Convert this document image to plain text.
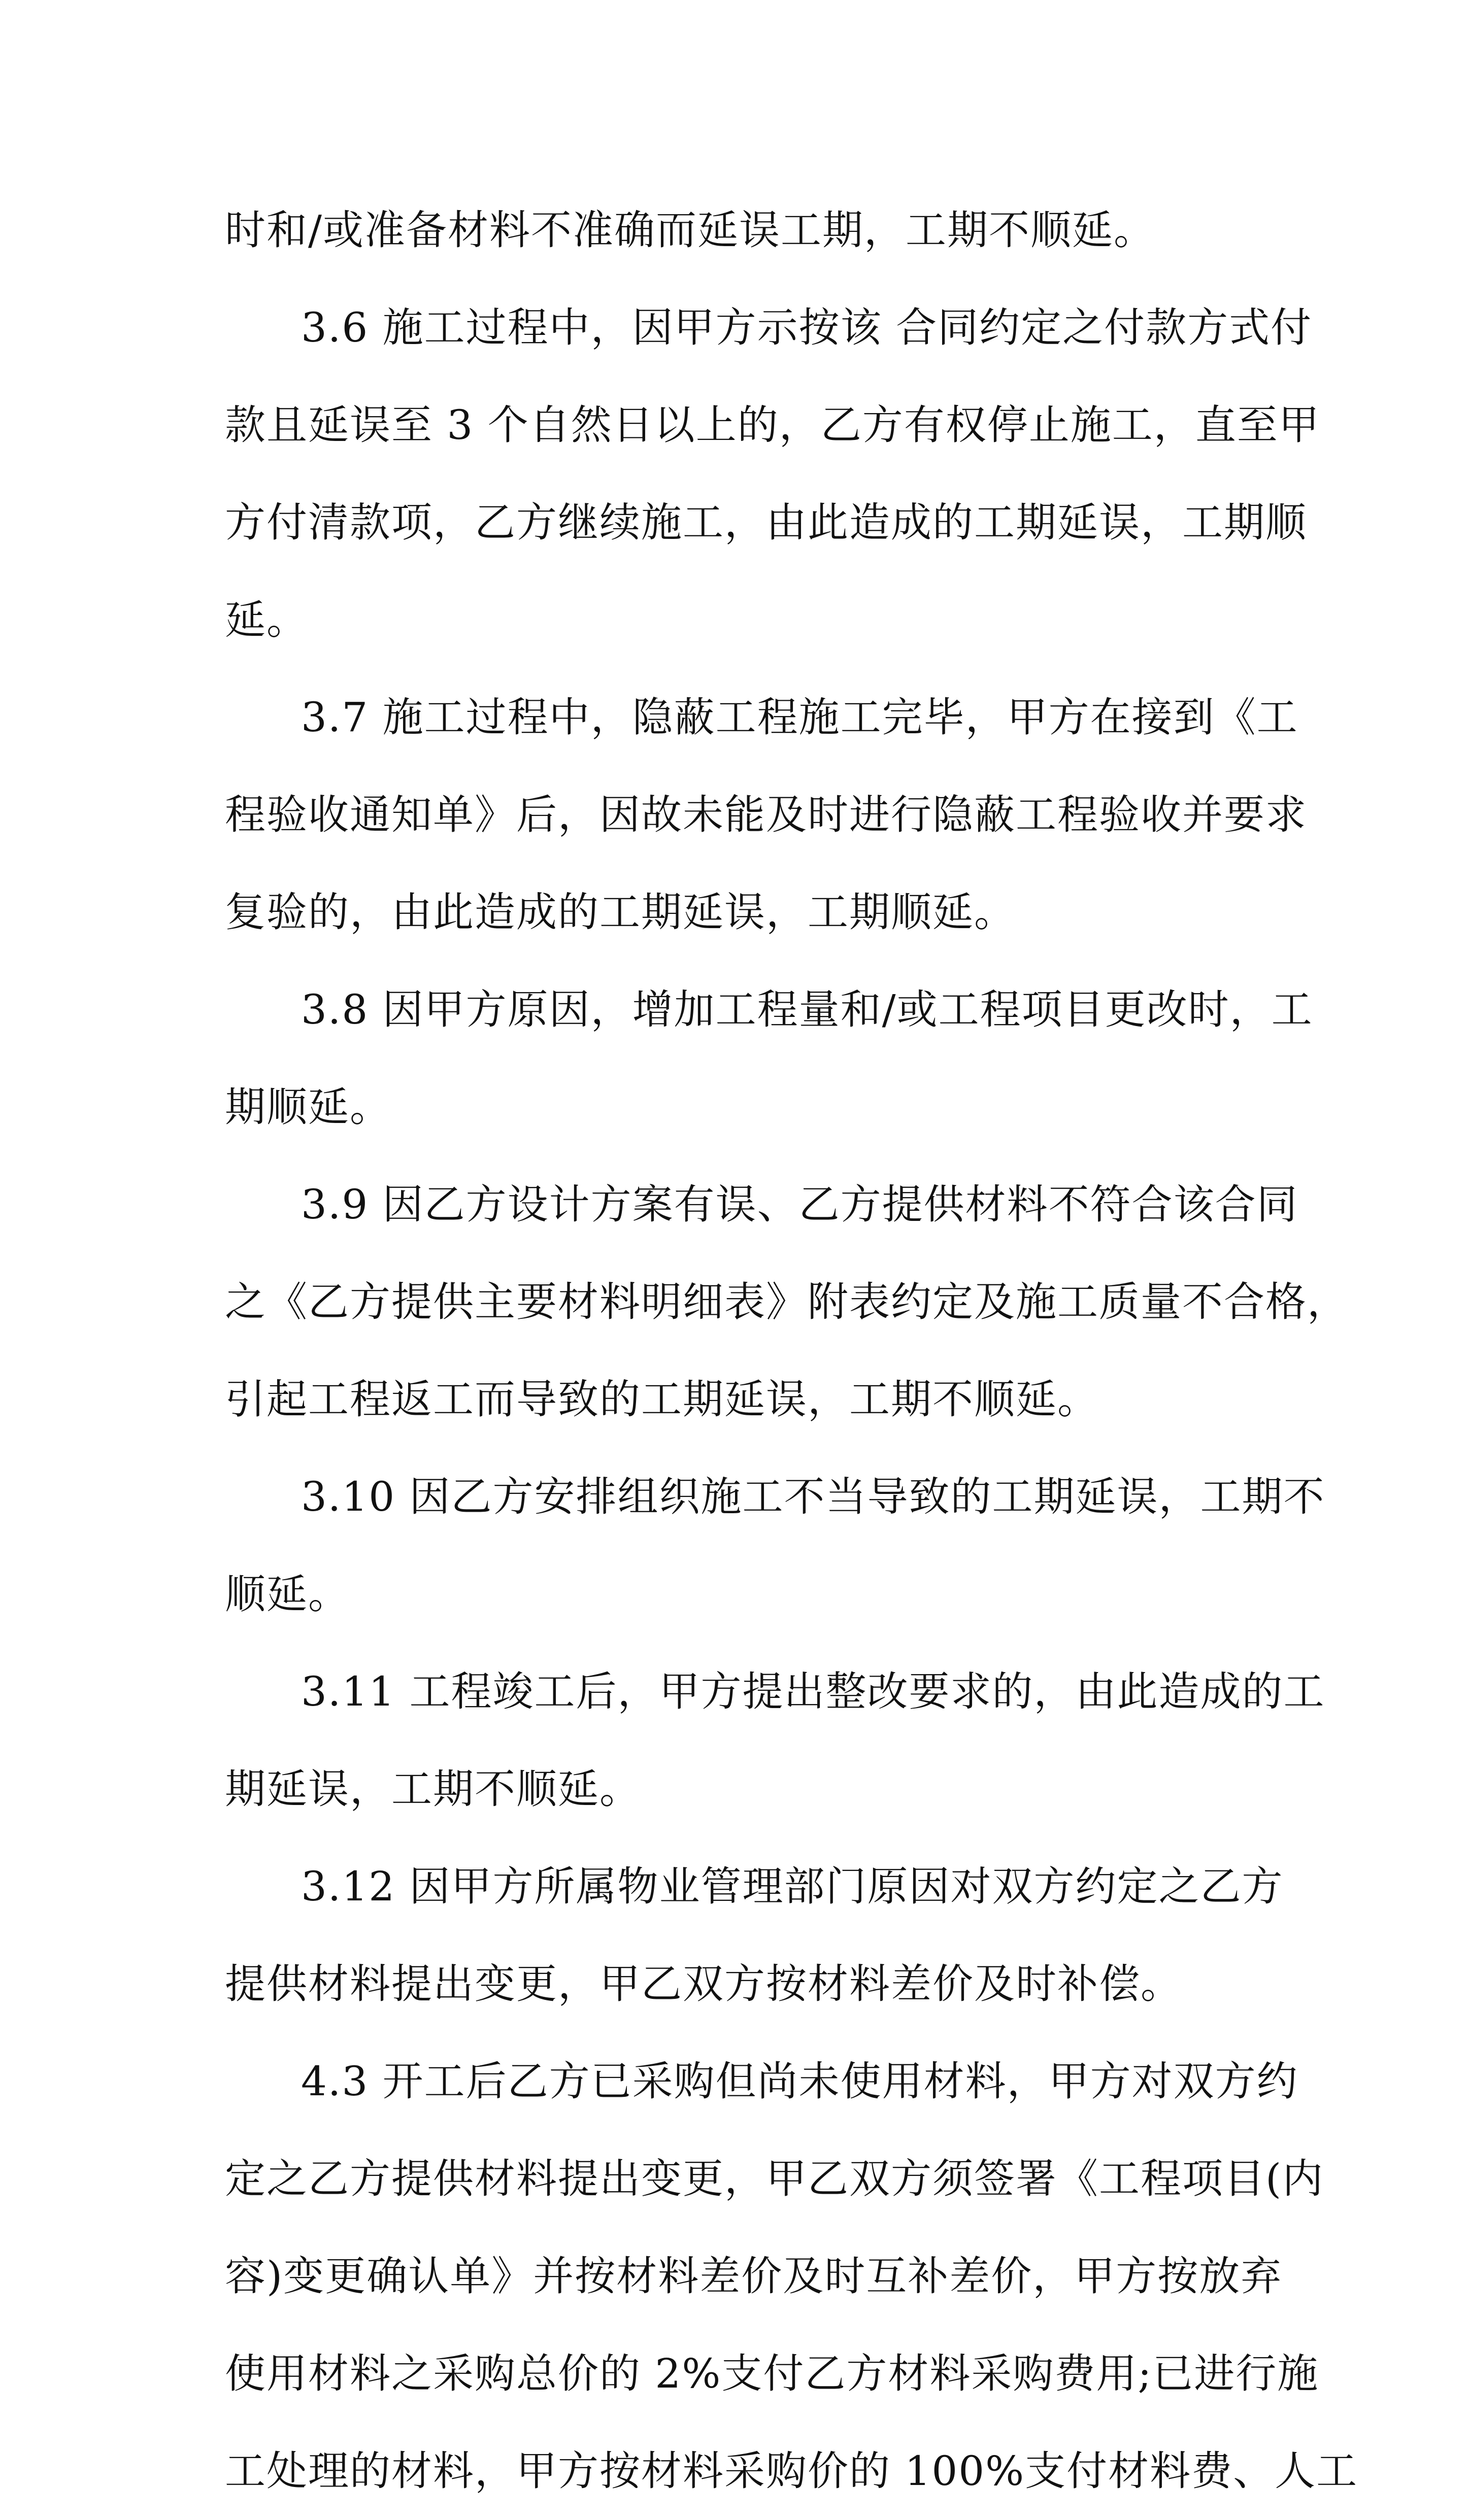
时和/或准备材料不准确而延误工期，工期不顺延。
3.6 施工过程中，因甲方示按该 合同约定之付款方式付
款且延误至 3 个自然日以上的，乙方有权停止施工，直至甲
方付清款项，乙方继续施工，由此造成的工期延误，工期顺
延。
3.7 施工过程中，隐蔽工程施工完毕，甲方在接到《工
程验收通知单》后，因故未能及时进行隐蔽工程验收并要求
复验的，由此造成的工期延误，工期顺延。
3.8 因甲方原因，增加工程量和/或工程项目更改时，工
期顺延。
3.9 因乙方设计方案有误、乙方提供材料不符合该合同
之《乙方提供主要材料明细表》附表约定及施工质量不合格，
引起工程返工而导致的工期延误，工期不顺延。
3.10 因乙方安排组织施工不当导致的工期延误，工期不
顺延。
3.11 工程竣工后，甲方提出整改要求的，由此造成的工
期延误，工期不顺延。
3.12 因甲方所属物业管理部门原因对双方约定之乙方
提供材料提出变更，甲乙双方按材料差价及时补偿。
4.3 开工后乙方已采购但尚未使用材料，甲方对双方约
定之乙方提供材料提出变更，甲乙双方须签署《工程项目(内
容)变更确认单》并按材料差价及时互补差价，甲方按放弃
使用材料之采购总价的 2%支付乙方材料采购费用;已进行施
工处理的材料，甲方按材料采购价的 100%支付材料费、人工
